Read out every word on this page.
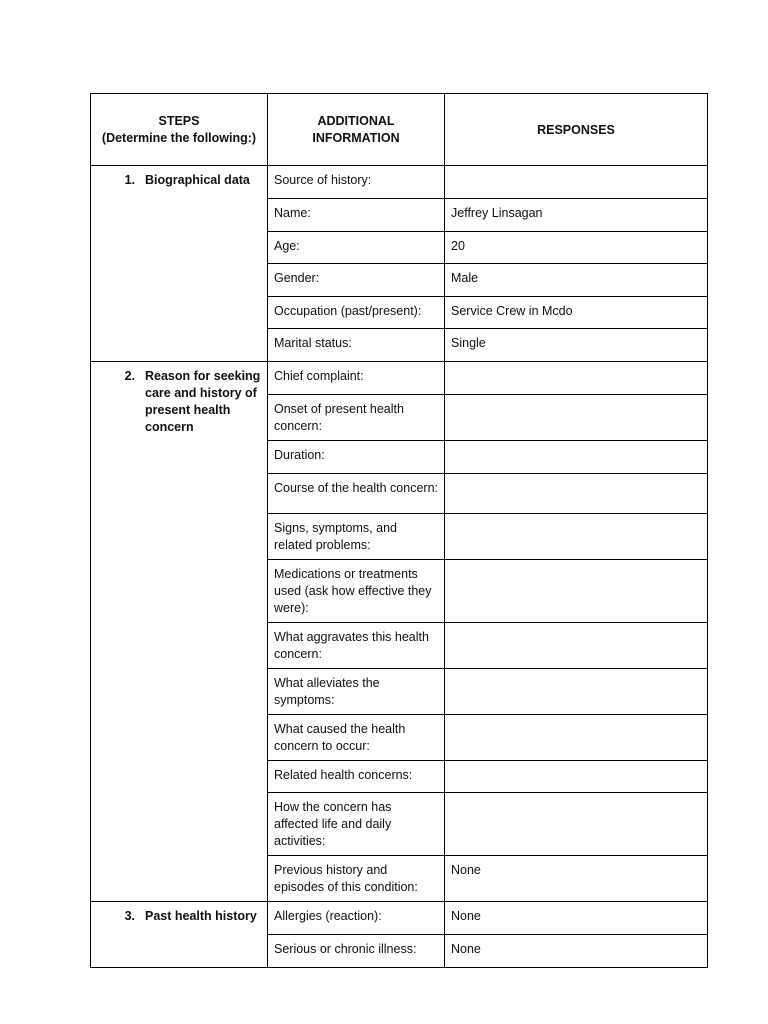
STEPS
(Determine the following:)	ADDITIONAL INFORMATION	RESPONSES

1. Biographical data	Source of history:	
	Name:	Jeffrey Linsagan
	Age:	20
	Gender:	Male
	Occupation (past/present):	Service Crew in Mcdo
	Marital status:	Single

2. Reason for seeking care and history of present health concern	Chief complaint:	
	Onset of present health concern:	
	Duration:	
	Course of the health concern:	
	Signs, symptoms, and related problems:	
	Medications or treatments used (ask how effective they were):	
	What aggravates this health concern:	
	What alleviates the symptoms:	
	What caused the health concern to occur:	
	Related health concerns:	
	How the concern has affected life and daily activities:	
	Previous history and episodes of this condition:	None

3. Past health history	Allergies (reaction):	None
	Serious or chronic illness:	None
